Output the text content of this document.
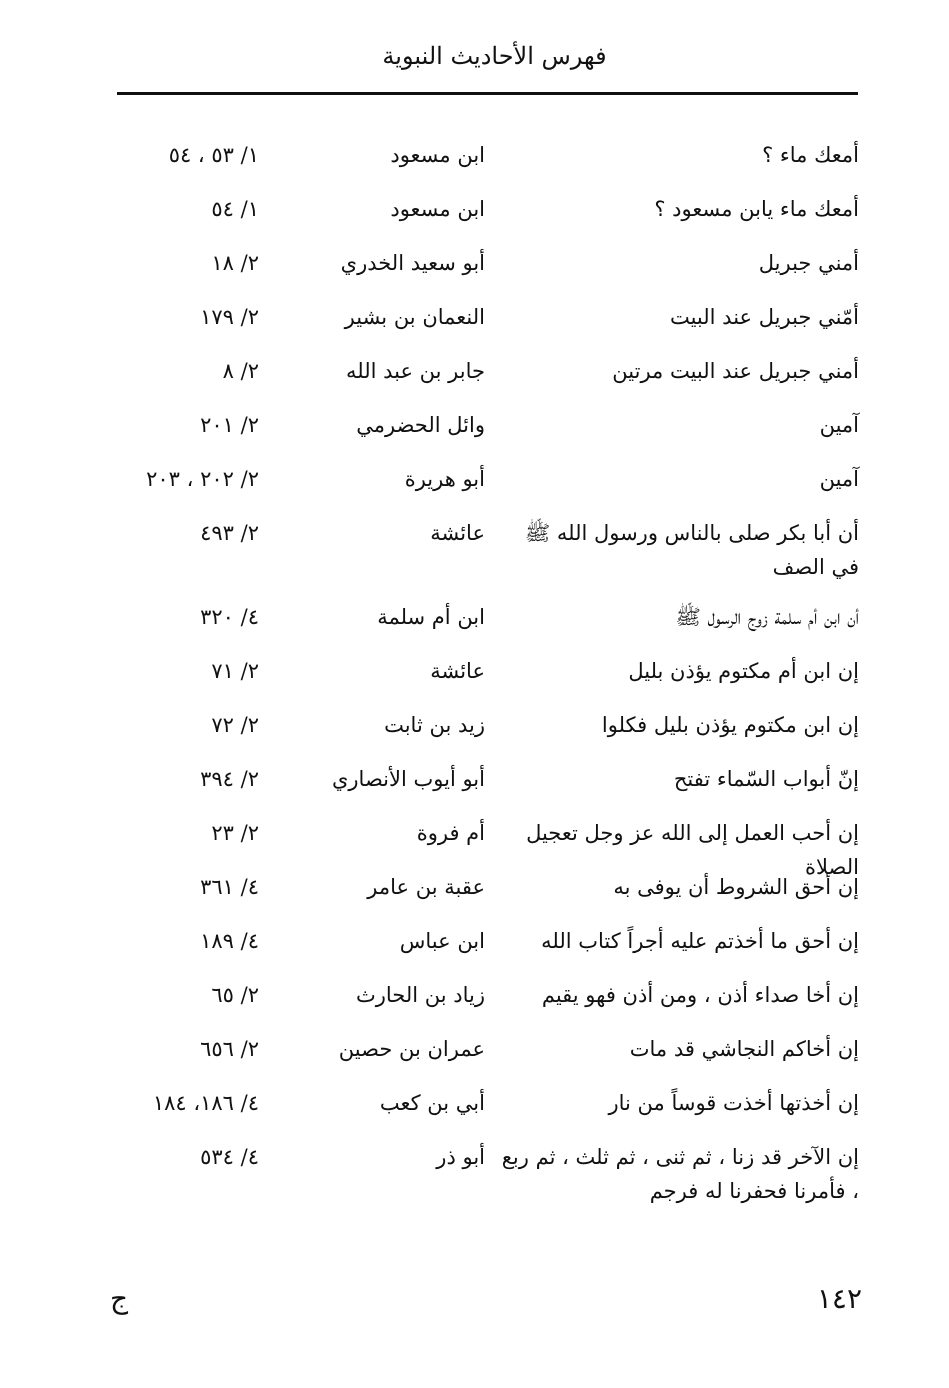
فهرس الأحاديث النبوية
أمعك ماء ؟
ابن مسعود
١/ ٥٣ ، ٥٤
أمعك ماء يابن مسعود ؟
ابن مسعود
١/ ٥٤
أمني جبريل
أبو سعيد الخدري
٢/ ١٨
أمّني جبريل عند البيت
النعمان بن بشير
٢/ ١٧٩
أمني جبريل عند البيت مرتين
جابر بن عبد الله
٢/ ٨
آمين
وائل الحضرمي
٢/ ٢٠١
آمين
أبو هريرة
٢/ ٢٠٢ ، ٢٠٣
أن أبا بكر صلى بالناس ورسول الله ﷺ في الصف
عائشة
٢/ ٤٩٣
أن ابن أم سلمة زوج الرسول ﷺ
ابن أم سلمة
٤/ ٣٢٠
إن ابن أم مكتوم يؤذن بليل
عائشة
٢/ ٧١
إن ابن مكتوم يؤذن بليل فكلوا
زيد بن ثابت
٢/ ٧٢
إنّ أبواب السّماء تفتح
أبو أيوب الأنصاري
٢/ ٣٩٤
إن أحب العمل إلى الله عز وجل تعجيل الصلاة
أم فروة
٢/ ٢٣
إن أحق الشروط أن يوفى به
عقبة بن عامر
٤/ ٣٦١
إن أحق ما أخذتم عليه أجراً كتاب الله
ابن عباس
٤/ ١٨٩
إن أخا صداء أذن ، ومن أذن فهو يقيم
زياد بن الحارث
٢/ ٦٥
إن أخاكم النجاشي قد مات
عمران بن حصين
٢/ ٦٥٦
إن أخذتها أخذت قوساً من نار
أبي بن كعب
٤/ ١٨٦، ١٨٤
إن الآخر قد زنا ، ثم ثنى ، ثم ثلث ، ثم ربع ، فأمرنا فحفرنا له فرجم
أبو ذر
٤/ ٥٣٤
١٤٢
ج
